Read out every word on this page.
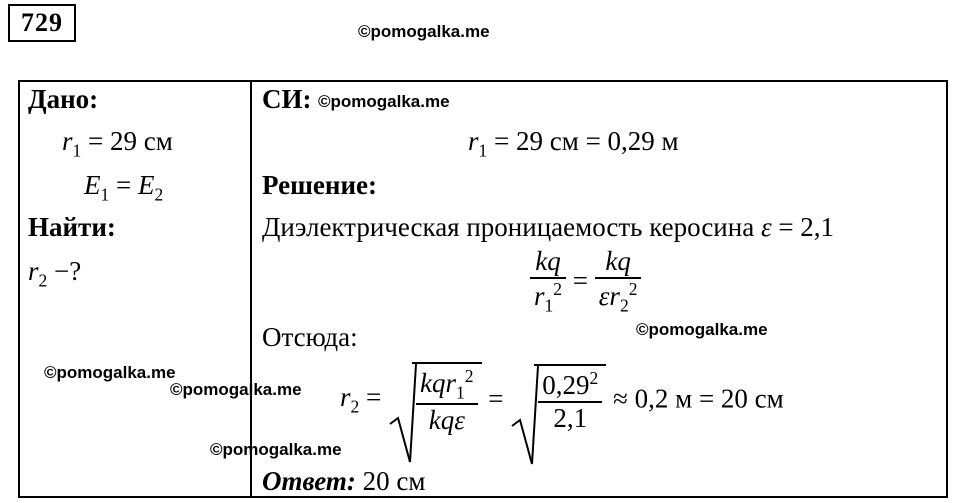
729	©pomogalka.me
Дано:
$r_1 = 29$ см
$E_1 = E_2$
Найти:
$r_2$ −?
©pomogalka.me
©pomogalka.me
©pomogalka.me
©pomogalka.me
©pomogalka.me
СИ:
$r_1 = 29$ см = 0,29 м
Решение:
Диэлектрическая проницаемость керосина ε = 2,1
$\frac{kq}{r_1^2} = \frac{kq}{\varepsilon r_2^2}$
Отсюда:
$r_2 = \frac{kqr_1^2}{\text{kqε}} = \frac{0,29^2}{2,1} \approx 0,2$ м = 20 см
Ответ: 20 см
